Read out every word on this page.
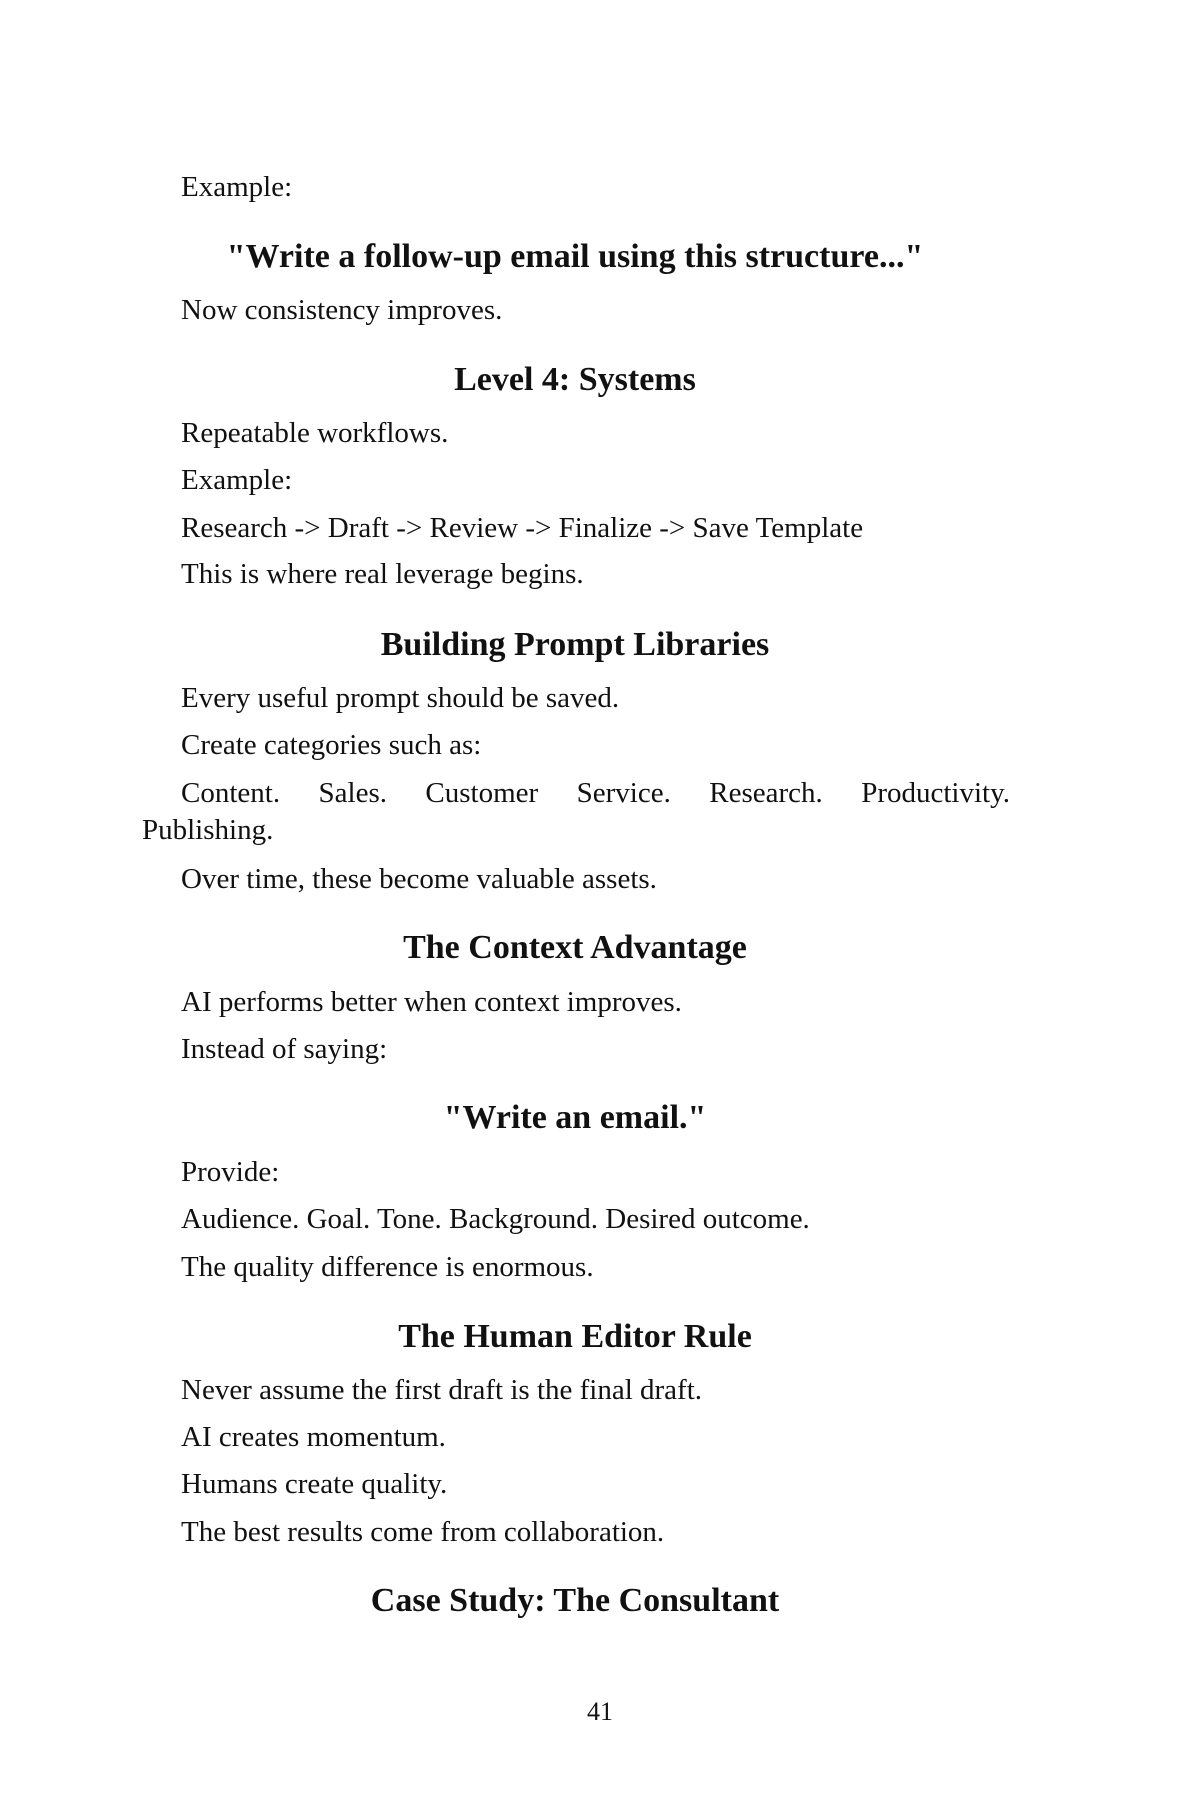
Example:
"Write a follow-up email using this structure..."
Now consistency improves.
Level 4: Systems
Repeatable workflows.
Example:
Research -> Draft -> Review -> Finalize -> Save Template
This is where real leverage begins.
Building Prompt Libraries
Every useful prompt should be saved.
Create categories such as:
Content. Sales. Customer Service. Research. Productivity.
Publishing.
Over time, these become valuable assets.
The Context Advantage
AI performs better when context improves.
Instead of saying:
"Write an email."
Provide:
Audience. Goal. Tone. Background. Desired outcome.
The quality difference is enormous.
The Human Editor Rule
Never assume the first draft is the final draft.
AI creates momentum.
Humans create quality.
The best results come from collaboration.
Case Study: The Consultant
41
